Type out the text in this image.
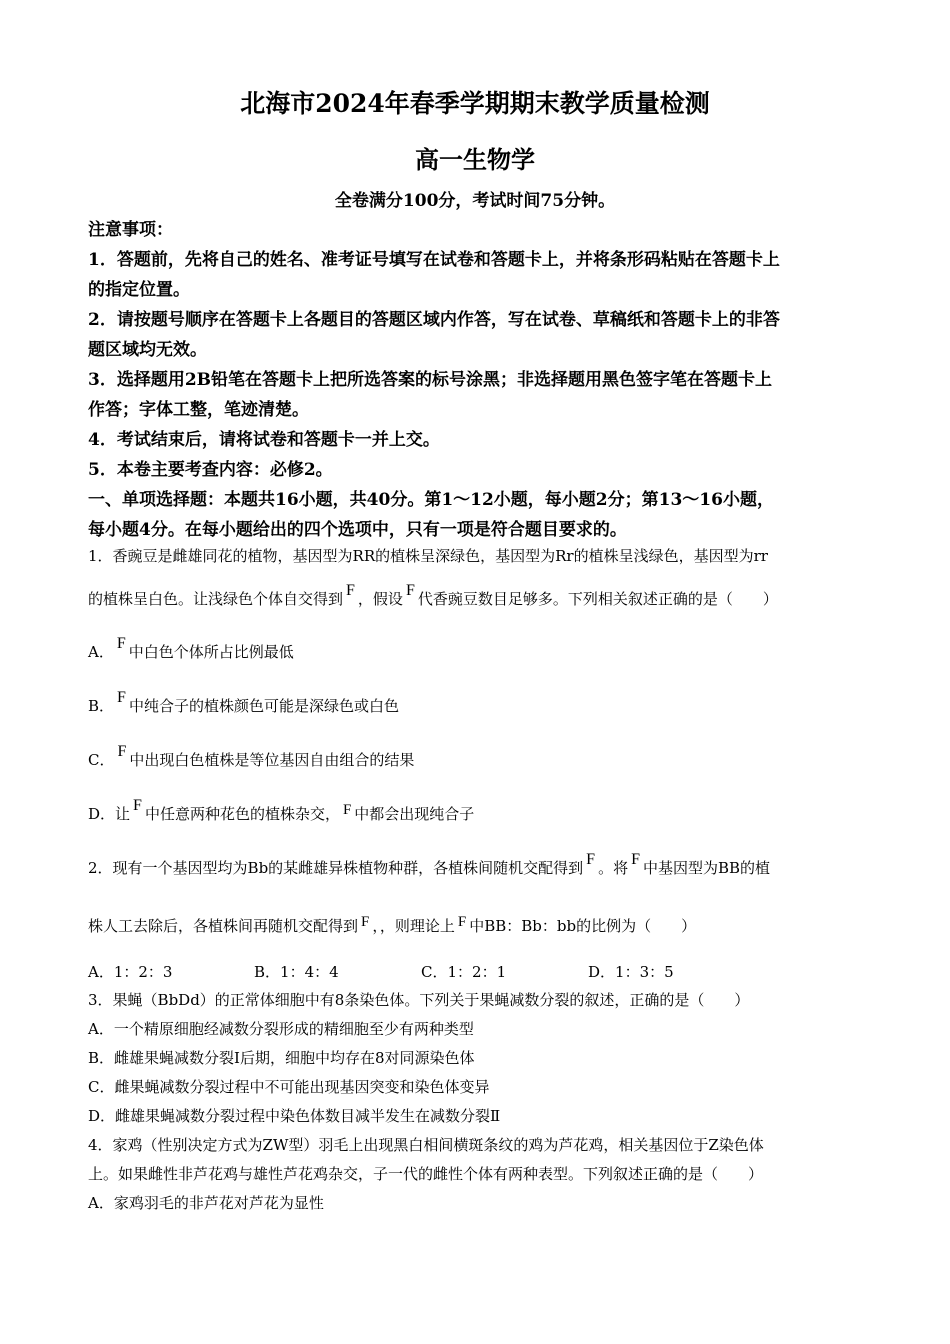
北海市2024年春季学期期末教学质量检测
高一生物学
全卷满分100分，考试时间75分钟。
注意事项：
1．答题前，先将自己的姓名、准考证号填写在试卷和答题卡上，并将条形码粘贴在答题卡上
的指定位置。
2．请按题号顺序在答题卡上各题目的答题区域内作答，写在试卷、草稿纸和答题卡上的非答
题区域均无效。
3．选择题用2B铅笔在答题卡上把所选答案的标号涂黑；非选择题用黑色签字笔在答题卡上
作答；字体工整，笔迹清楚。
4．考试结束后，请将试卷和答题卡一并上交。
5．本卷主要考查内容：必修2。
一、单项选择题：本题共16小题，共40分。第1～12小题，每小题2分；第13～16小题，
每小题4分。在每小题给出的四个选项中，只有一项是符合题目要求的。
1．香豌豆是雌雄同花的植物，基因型为RR的植株呈深绿色，基因型为Rr的植株呈浅绿色，基因型为rr
的植株呈白色。让浅绿色个体自交得到 F ，假设 F 代香豌豆数目足够多。下列相关叙述正确的是（　　）
A． F 中白色个体所占比例最低
B． F 中纯合子的植株颜色可能是深绿色或白色
C． F 中出现白色植株是等位基因自由组合的结果
D．让 F 中任意两种花色的植株杂交， F 中都会出现纯合子
2．现有一个基因型均为Bb的某雌雄异株植物种群，各植株间随机交配得到 F 。将 F 中基因型为BB的植
株人工去除后，各植株间再随机交配得到 F ，，则理论上 F 中BB：Bb：bb的比例为（　　）
A．1：2：3	B．1：4：4	C．1：2：1	D．1：3：5
3．果蝇（BbDd）的正常体细胞中有8条染色体。下列关于果蝇减数分裂的叙述，正确的是（　　）
A．一个精原细胞经减数分裂形成的精细胞至少有两种类型
B．雌雄果蝇减数分裂Ⅰ后期，细胞中均存在8对同源染色体
C．雌果蝇减数分裂过程中不可能出现基因突变和染色体变异
D．雌雄果蝇减数分裂过程中染色体数目减半发生在减数分裂Ⅱ
4．家鸡（性别决定方式为ZW型）羽毛上出现黑白相间横斑条纹的鸡为芦花鸡，相关基因位于Z染色体
上。如果雌性非芦花鸡与雄性芦花鸡杂交，子一代的雌性个体有两种表型。下列叙述正确的是（　　）
A．家鸡羽毛的非芦花对芦花为显性
